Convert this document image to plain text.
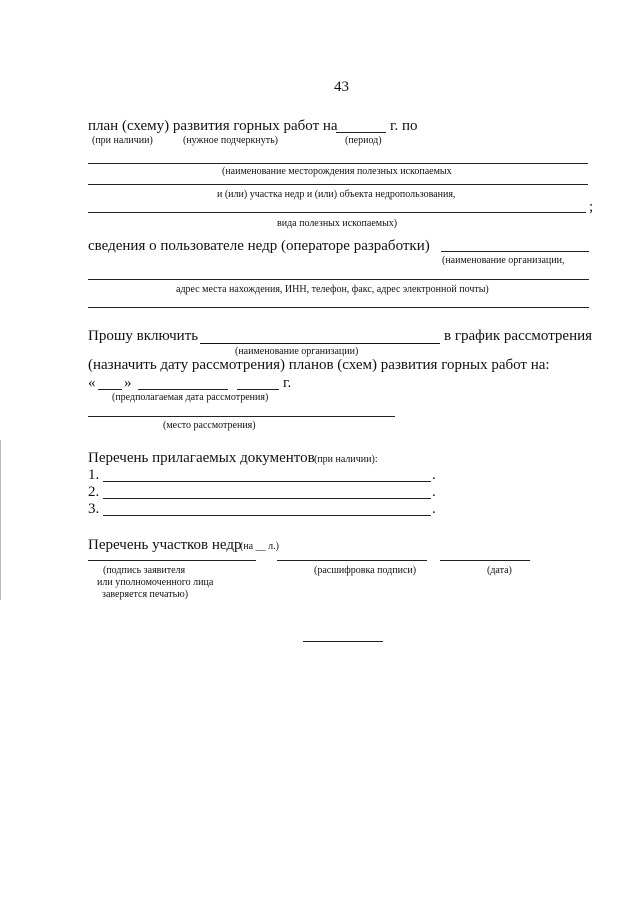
43
план (схему) развития горных работ на	г. по
(при наличии)	(нужное подчеркнуть)	(период)
(наименование месторождения полезных ископаемых
и (или) участка недр и (или) объекта недропользования,
;
вида полезных ископаемых)
сведения о пользователе недр (операторе разработки)
(наименование организации,
адрес места нахождения, ИНН, телефон, факс, адрес электронной почты)
Прошу включить	в график рассмотрения
(наименование организации)
(назначить дату рассмотрения) планов (схем) развития горных работ на:
« »	г.
(предполагаемая дата рассмотрения)
(место рассмотрения)
Перечень прилагаемых документов (при наличии):
1.	.
2.	.
3.	.
Перечень участков недр
(на __ л.)
(подпись заявителя
или уполномоченного лица
заверяется печатью)
(расшифровка подписи)	(дата)
